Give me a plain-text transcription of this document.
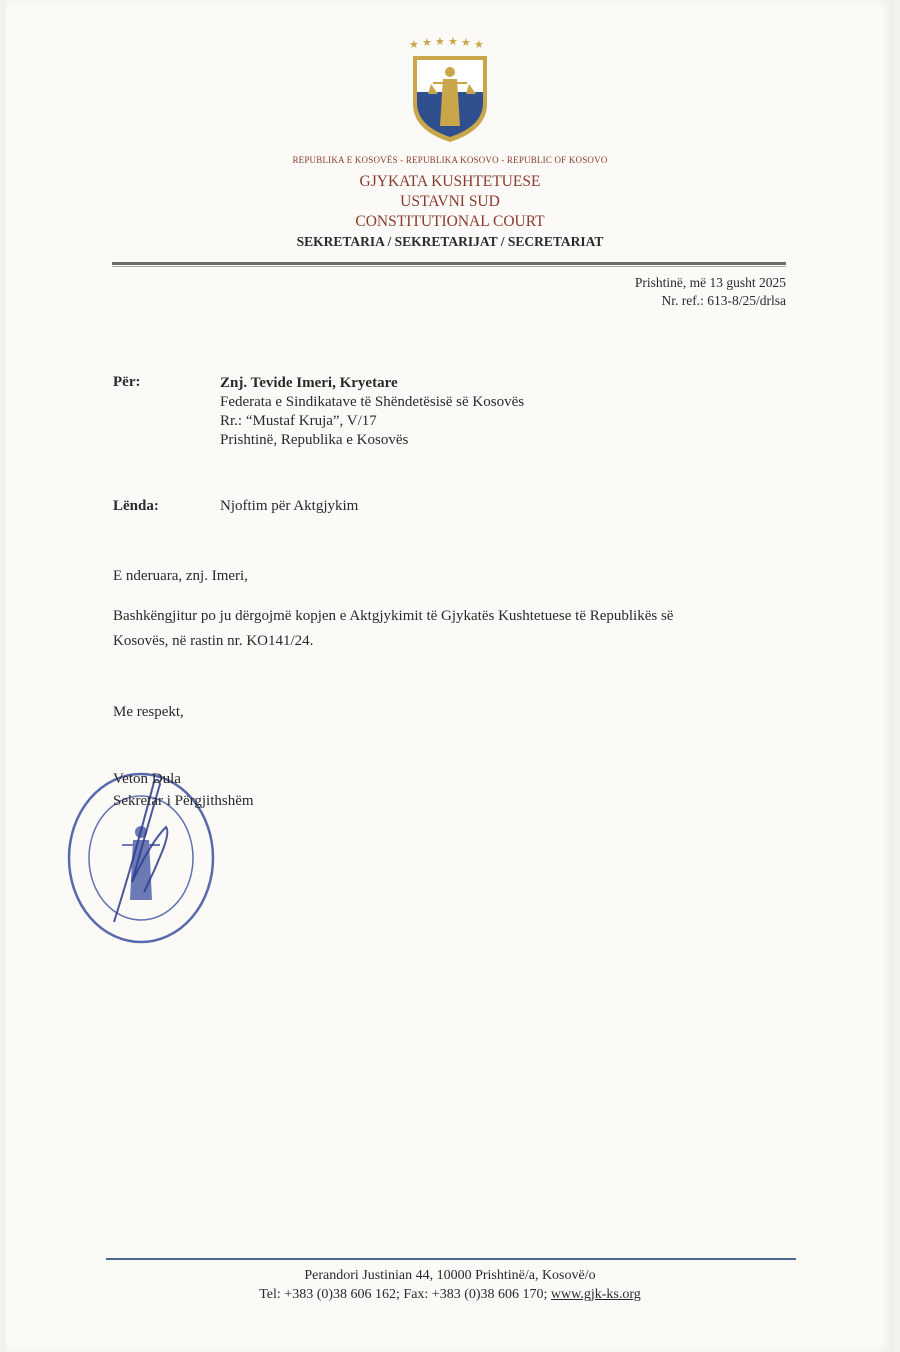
★ ★ ★ ★ ★ ★
REPUBLIKA E KOSOVËS - REPUBLIKA KOSOVO - REPUBLIC OF KOSOVO
GJYKATA KUSHTETUESE
USTAVNI SUD
CONSTITUTIONAL COURT
SEKRETARIA / SEKRETARIJAT / SECRETARIAT
Prishtinë, më 13 gusht 2025
Nr. ref.: 613-8/25/drlsa
Për:	Znj. Tevide Imeri, Kryetare
Federata e Sindikatave të Shëndetësisë së Kosovës
Rr.: “Mustaf Kruja”, V/17
Prishtinë, Republika e Kosovës
Lënda:	Njoftim për Aktgjykim
E nderuara, znj. Imeri,
Bashkëngjitur po ju dërgojmë kopjen e Aktgjykimit të Gjykatës Kushtetuese të Republikës së
Kosovës, në rastin nr. KO141/24.
Me respekt,
Veton Dula
Sekretar i Përgjithshëm
Perandori Justinian 44, 10000 Prishtinë/a, Kosovë/o
Tel: +383 (0)38 606 162; Fax: +383 (0)38 606 170; www.gjk-ks.org
